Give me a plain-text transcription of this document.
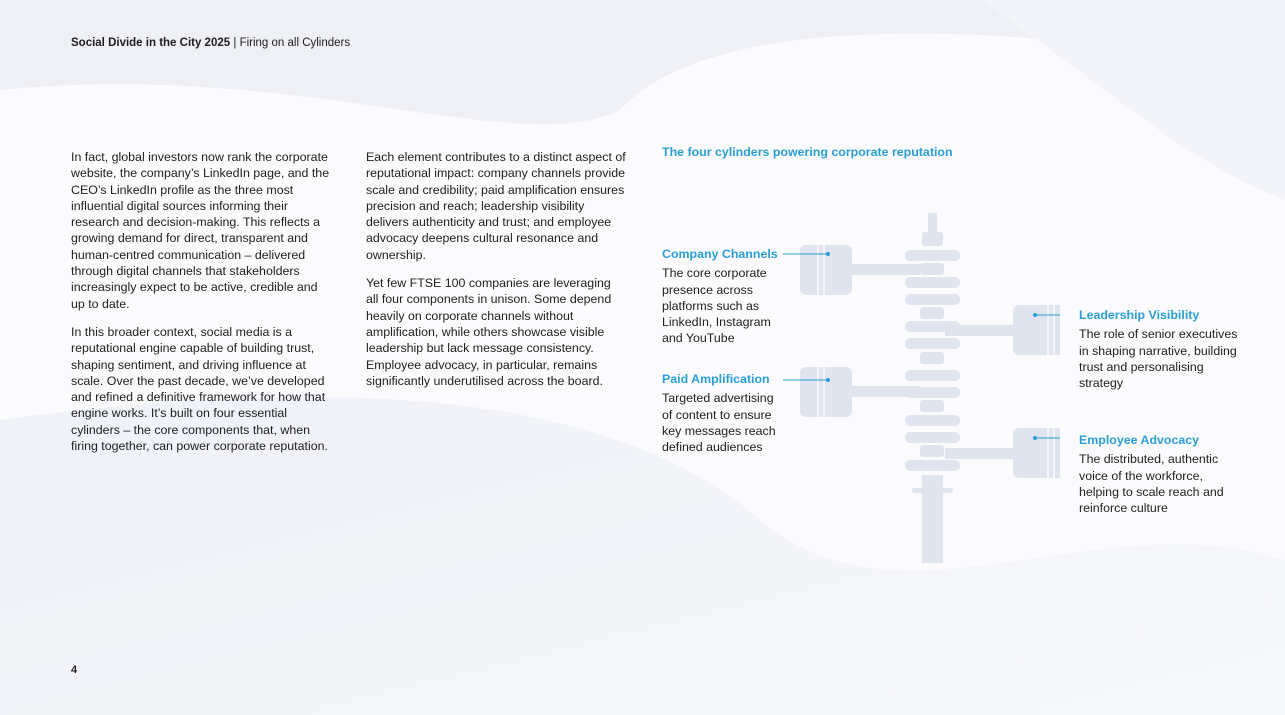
Social Divide in the City 2025 | Firing on all Cylinders

In fact, global investors now rank the corporate website, the company’s LinkedIn page, and the CEO’s LinkedIn profile as the three most influential digital sources informing their research and decision-making. This reflects a growing demand for direct, transparent and human-centred communication – delivered through digital channels that stakeholders increasingly expect to be active, credible and up to date.

In this broader context, social media is a reputational engine capable of building trust, shaping sentiment, and driving influence at scale. Over the past decade, we’ve developed and refined a definitive framework for how that engine works. It’s built on four essential cylinders – the core components that, when firing together, can power corporate reputation.

Each element contributes to a distinct aspect of reputational impact: company channels provide scale and credibility; paid amplification ensures precision and reach; leadership visibility delivers authenticity and trust; and employee advocacy deepens cultural resonance and ownership.

Yet few FTSE 100 companies are leveraging all four components in unison. Some depend heavily on corporate channels without amplification, while others showcase visible leadership but lack message consistency. Employee advocacy, in particular, remains significantly underutilised across the board.

The four cylinders powering corporate reputation
Company Channels
The core corporate presence across platforms such as LinkedIn, Instagram and YouTube
Paid Amplification
Targeted advertising of content to ensure key messages reach defined audiences
Leadership Visibility
The role of senior executives in shaping narrative, building trust and personalising strategy
Employee Advocacy
The distributed, authentic voice of the workforce, helping to scale reach and reinforce culture
4
